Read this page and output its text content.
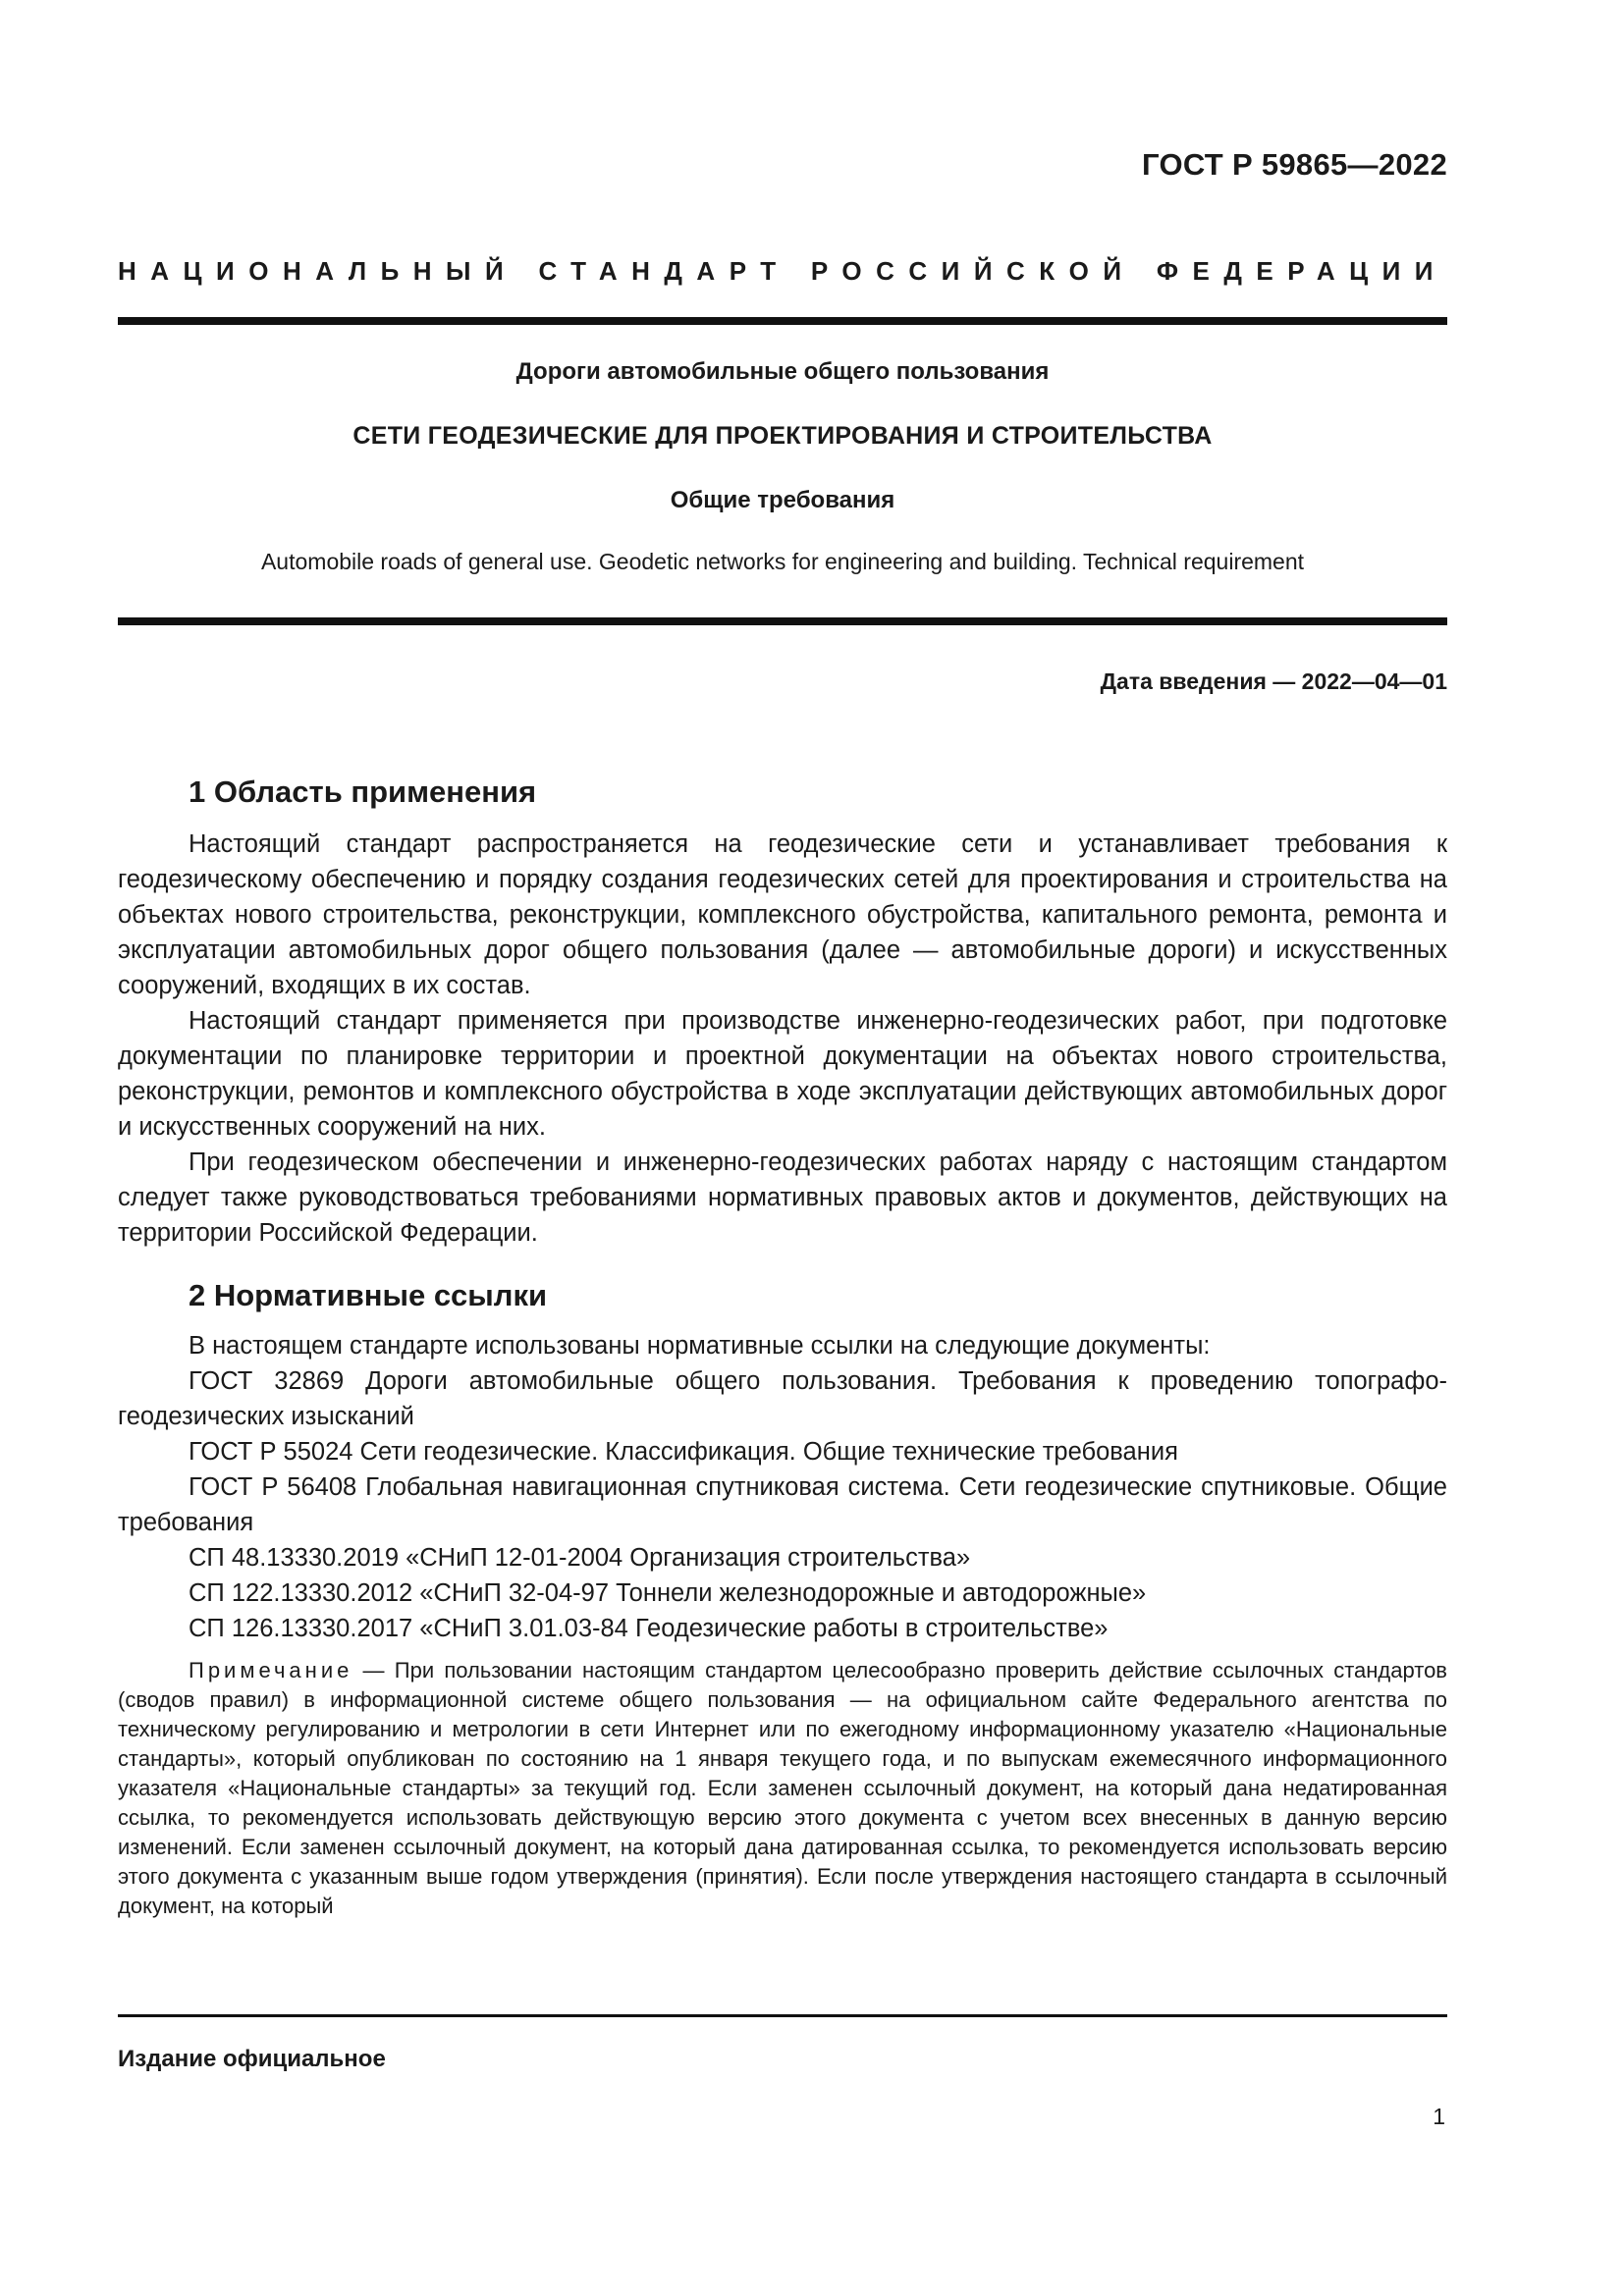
ГОСТ Р 59865—2022
НАЦИОНАЛЬНЫЙ СТАНДАРТ РОССИЙСКОЙ ФЕДЕРАЦИИ
Дороги автомобильные общего пользования
СЕТИ ГЕОДЕЗИЧЕСКИЕ ДЛЯ ПРОЕКТИРОВАНИЯ И СТРОИТЕЛЬСТВА
Общие требования
Automobile roads of general use. Geodetic networks for engineering and building. Technical requirement
Дата введения — 2022—04—01
1 Область применения

Настоящий стандарт распространяется на геодезические сети и устанавливает требования к геодезическому обеспечению и порядку создания геодезических сетей для проектирования и строительства на объектах нового строительства, реконструкции, комплексного обустройства, капитального ремонта, ремонта и эксплуатации автомобильных дорог общего пользования (далее — автомобильные дороги) и искусственных сооружений, входящих в их состав.

Настоящий стандарт применяется при производстве инженерно-геодезических работ, при подготовке документации по планировке территории и проектной документации на объектах нового строительства, реконструкции, ремонтов и комплексного обустройства в ходе эксплуатации действующих автомобильных дорог и искусственных сооружений на них.

При геодезическом обеспечении и инженерно-геодезических работах наряду с настоящим стандартом следует также руководствоваться требованиями нормативных правовых актов и документов, действующих на территории Российской Федерации.

2 Нормативные ссылки

В настоящем стандарте использованы нормативные ссылки на следующие документы:

ГОСТ 32869 Дороги автомобильные общего пользования. Требования к проведению топографо-геодезических изысканий

ГОСТ Р 55024 Сети геодезические. Классификация. Общие технические требования

ГОСТ Р 56408 Глобальная навигационная спутниковая система. Сети геодезические спутниковые. Общие требования

СП 48.13330.2019 «СНиП 12-01-2004 Организация строительства»

СП 122.13330.2012 «СНиП 32-04-97 Тоннели железнодорожные и автодорожные»

СП 126.13330.2017 «СНиП 3.01.03-84 Геодезические работы в строительстве»

Примечание — При пользовании настоящим стандартом целесообразно проверить действие ссылочных стандартов (сводов правил) в информационной системе общего пользования — на официальном сайте Федерального агентства по техническому регулированию и метрологии в сети Интернет или по ежегодному информационному указателю «Национальные стандарты», который опубликован по состоянию на 1 января текущего года, и по выпускам ежемесячного информационного указателя «Национальные стандарты» за текущий год. Если заменен ссылочный документ, на который дана недатированная ссылка, то рекомендуется использовать действующую версию этого документа с учетом всех внесенных в данную версию изменений. Если заменен ссылочный документ, на который дана датированная ссылка, то рекомендуется использовать версию этого документа с указанным выше годом утверждения (принятия). Если после утверждения настоящего стандарта в ссылочный документ, на который
Издание официальное
1
